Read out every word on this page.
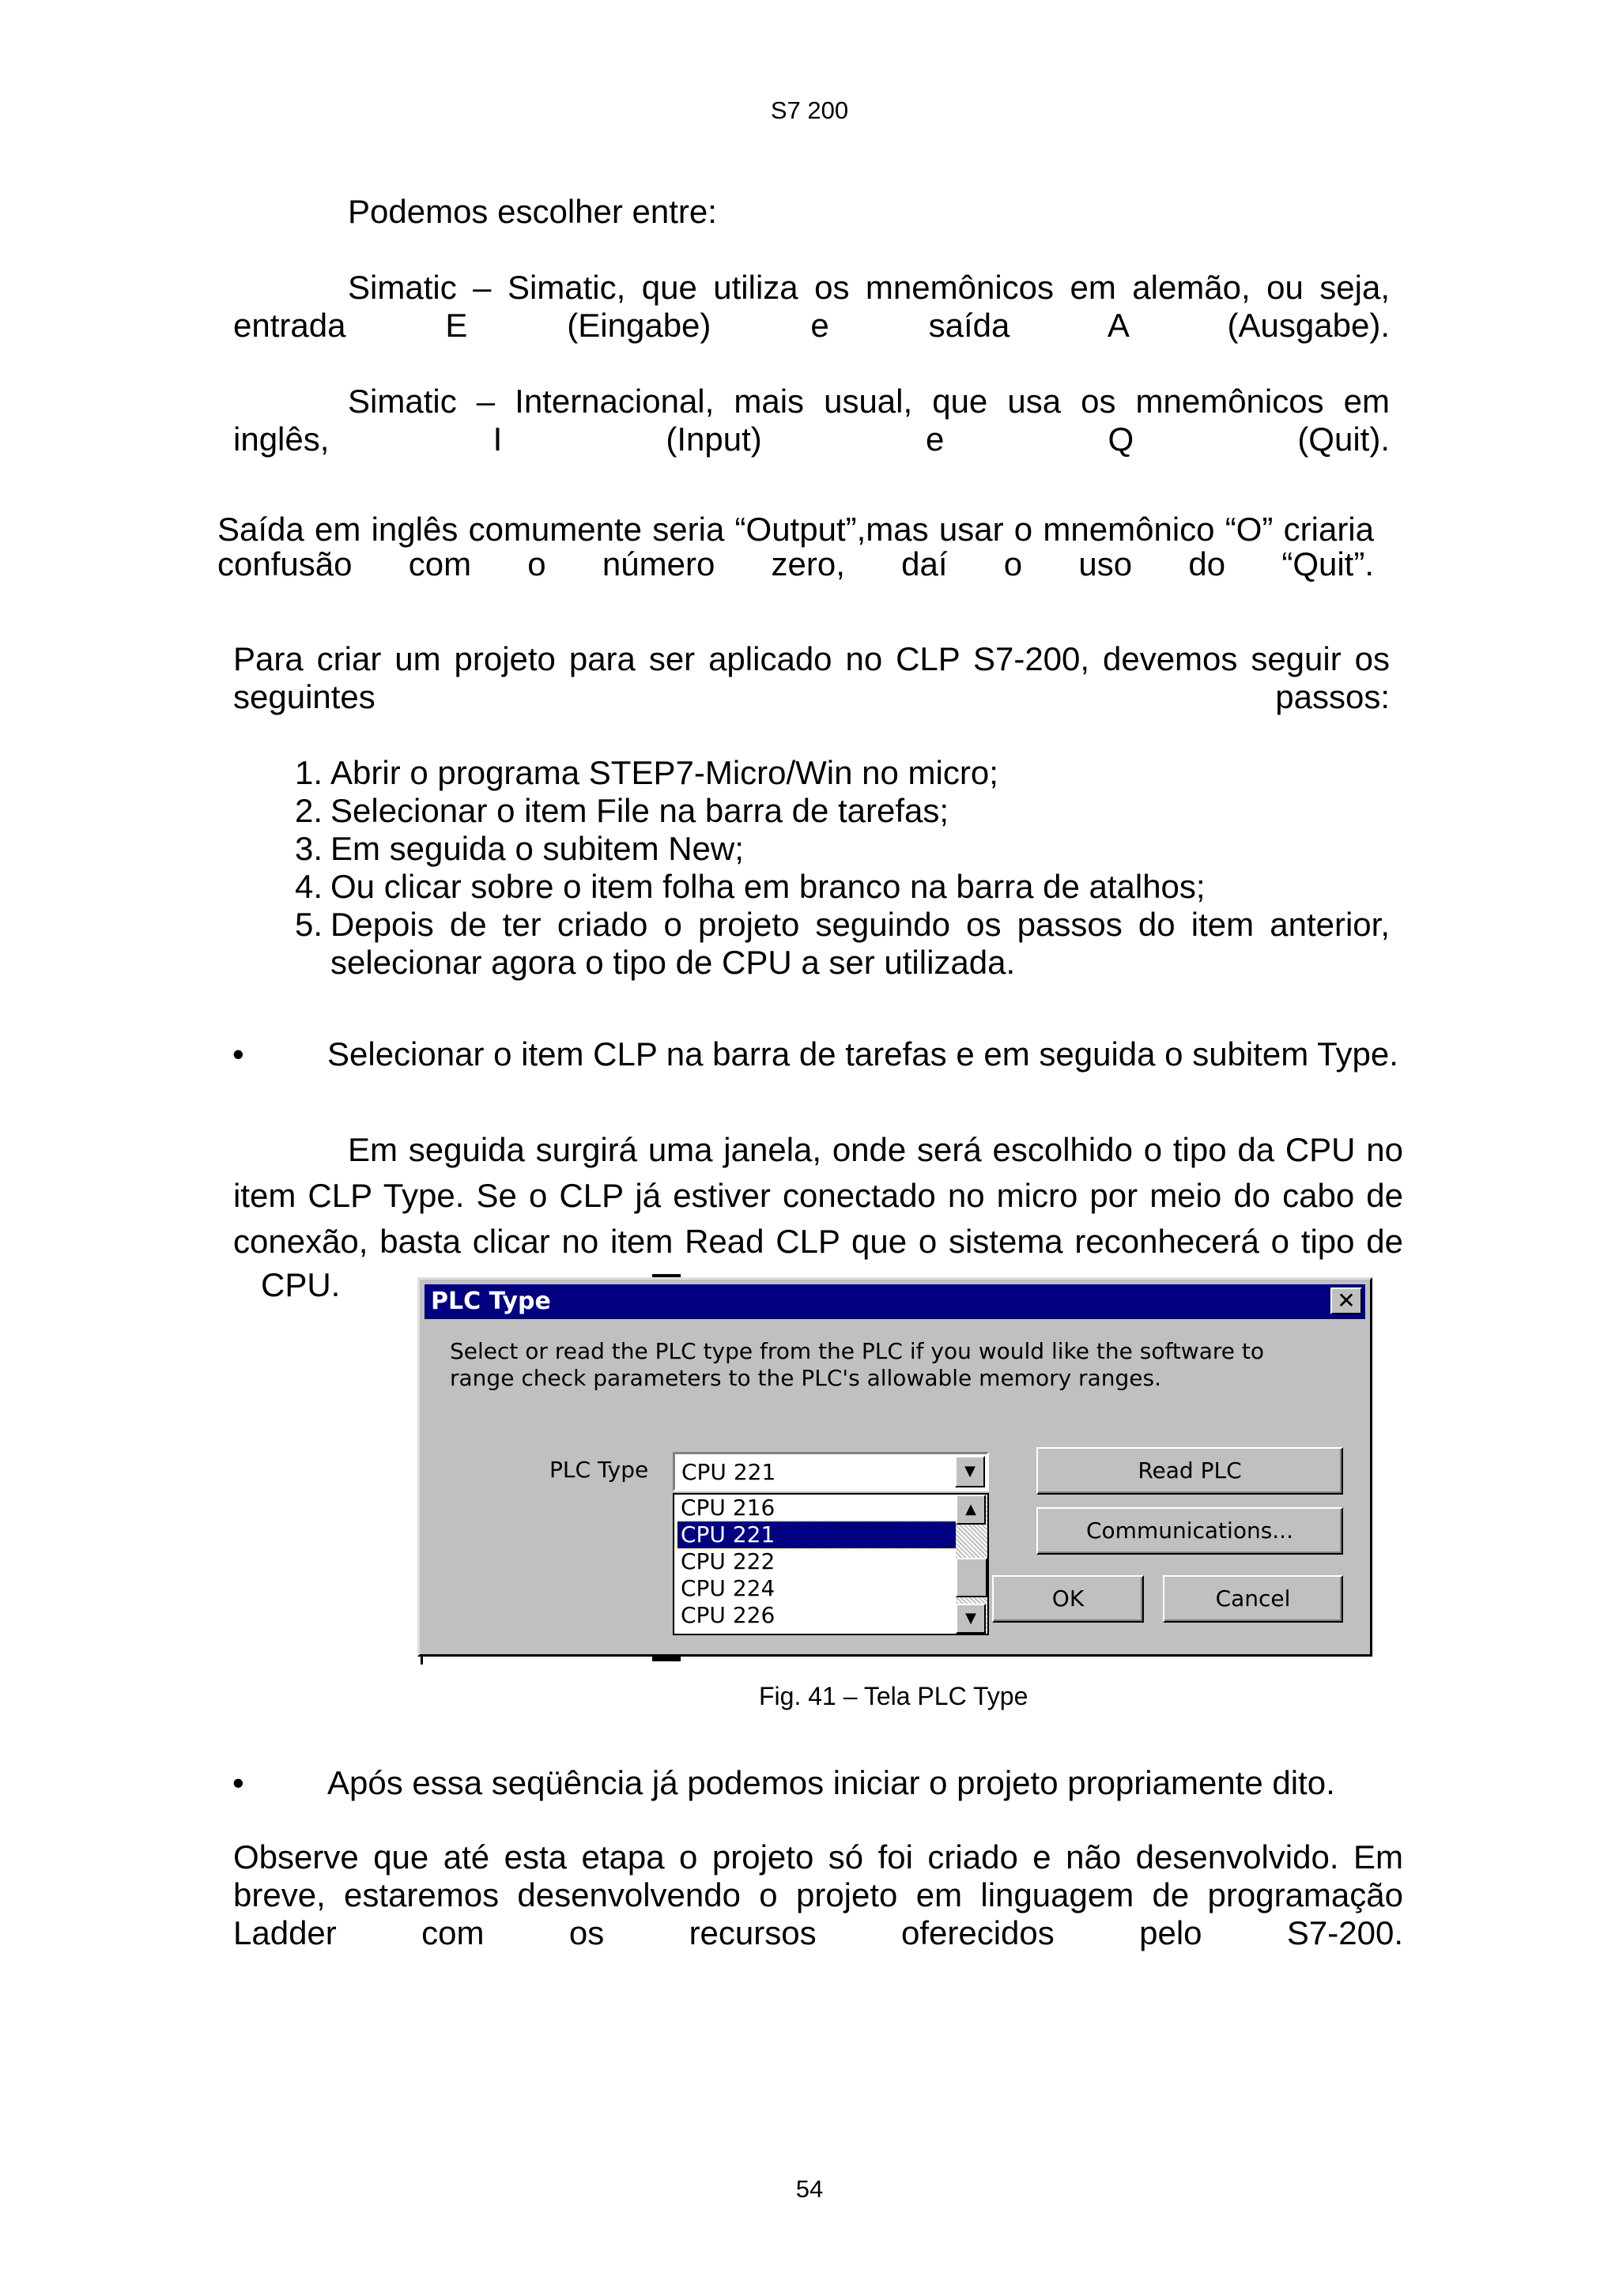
S7 200

Podemos escolher entre:

Simatic – Simatic, que utiliza os mnemônicos em alemão, ou seja, entrada E (Eingabe) e saída A (Ausgabe).

Simatic – Internacional, mais usual, que usa os mnemônicos em inglês, I (Input) e Q (Quit).

Saída em inglês comumente seria “Output”,mas usar o mnemônico “O” criaria confusão com o número zero, daí o uso do “Quit”.

Para criar um projeto para ser aplicado no CLP S7-200, devemos seguir os seguintes passos:

1. Abrir o programa STEP7-Micro/Win no micro;
2. Selecionar o item File na barra de tarefas;
3. Em seguida o subitem New;
4. Ou clicar sobre o item folha em branco na barra de atalhos;
5. Depois de ter criado o projeto seguindo os passos do item anterior, selecionar agora o tipo de CPU a ser utilizada.
•	Selecionar o item CLP na barra de tarefas e em seguida o subitem Type.

Em seguida surgirá uma janela, onde será escolhido o tipo da CPU no item CLP Type. Se o CLP já estiver conectado no micro por meio do cabo de conexão, basta clicar no item Read CLP que o sistema reconhecerá o tipo de

CPU.	PLC Type	✕
Select or read the PLC type from the PLC if you would like the software to range check parameters to the PLC's allowable memory ranges.
PLC Type CPU 221	▼
CPU 216
CPU 221
CPU 222
CPU 224
CPU 226
▲
▼
Read PLC
Communications...
OK	Cancel
Fig. 41 – Tela PLC Type
•	Após essa seqüência já podemos iniciar o projeto propriamente dito.

Observe que até esta etapa o projeto só foi criado e não desenvolvido. Em breve, estaremos desenvolvendo o projeto em linguagem de programação Ladder com os recursos oferecidos pelo S7-200.

54
